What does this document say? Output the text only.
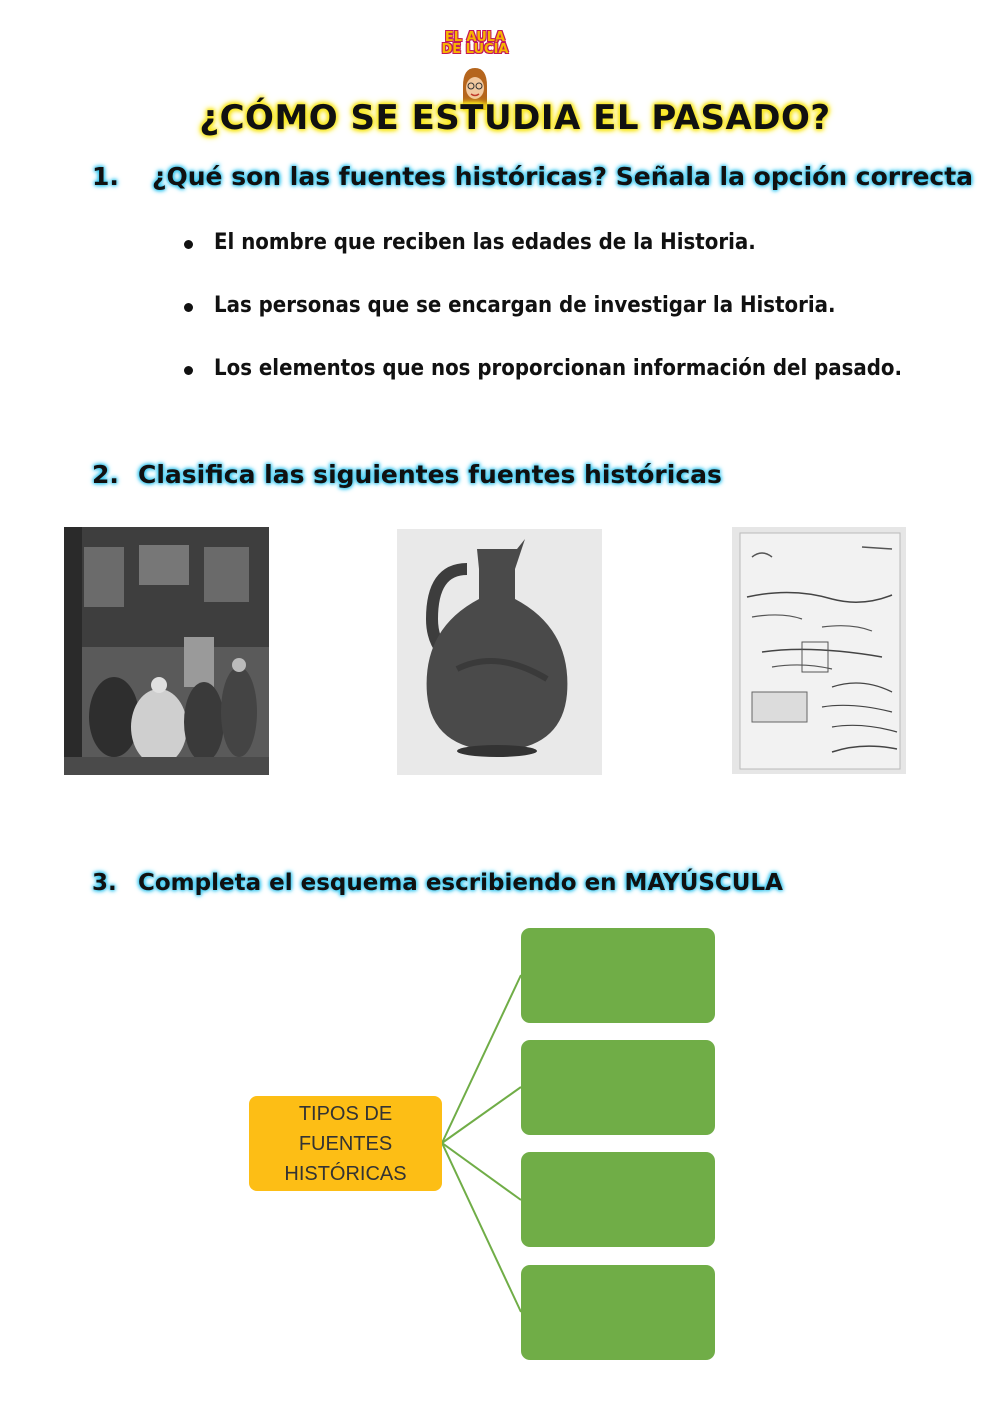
EL AULA
DE LUCÍA
¿CÓMO SE ESTUDIA EL PASADO?
1. ¿Qué son las fuentes históricas? Señala la opción correcta
El nombre que reciben las edades de la Historia.
Las personas que se encargan de investigar la Historia.
Los elementos que nos proporcionan información del pasado.
2. Clasifica las siguientes fuentes históricas
3. Completa el esquema escribiendo en MAYÚSCULA
TIPOS DE FUENTES HISTÓRICAS
